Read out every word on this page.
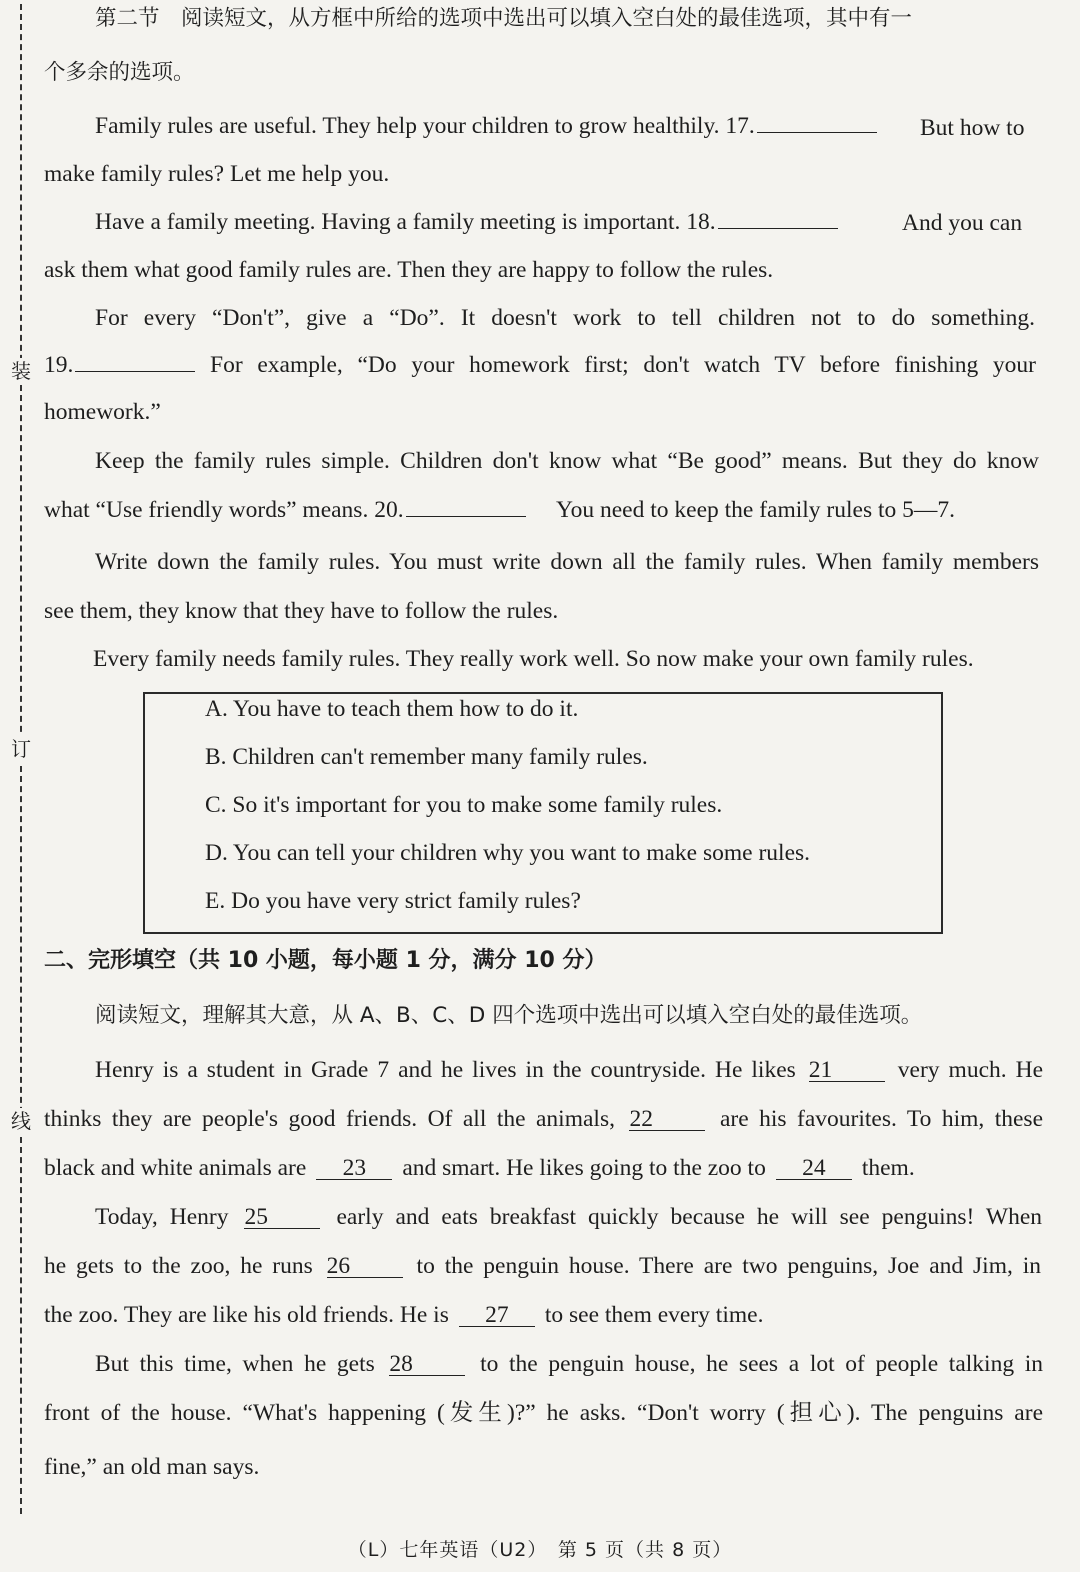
装
订
线
第二节　阅读短文，从方框中所给的选项中选出可以填入空白处的最佳选项，其中有一
个多余的选项。
Family rules are useful. They help your children to grow healthily. 17.	But how to
make family rules? Let me help you.
Have a family meeting. Having a family meeting is important. 18.	And you can
ask them what good family rules are. Then they are happy to follow the rules.
For every “Don't”, give a “Do”. It doesn't work to tell children not to do something.
19.	For example, “Do your homework first; don't watch TV before finishing your
homework.”
Keep the family rules simple. Children don't know what “Be good” means. But they do know
what “Use friendly words” means. 20.	You need to keep the family rules to 5—7.
Write down the family rules. You must write down all the family rules. When family members
see them, they know that they have to follow the rules.
Every family needs family rules. They really work well. So now make your own family rules.
A. You have to teach them how to do it.
B. Children can't remember many family rules.
C. So it's important for you to make some family rules.
D. You can tell your children why you want to make some rules.
E. Do you have very strict family rules?
二、完形填空（共 10 小题，每小题 1 分，满分 10 分）
阅读短文，理解其大意，从 A、B、C、D 四个选项中选出可以填入空白处的最佳选项。
Henry is a student in Grade 7 and he lives in the countryside. He likes 21	very much. He
thinks they are people's good friends. Of all the animals, 22	are his favourites. To him, these
black and white animals are 23 and smart. He likes going to the zoo to 24 them.
Today, Henry 25	early and eats breakfast quickly because he will see penguins! When
he gets to the zoo, he runs 26	to the penguin house. There are two penguins, Joe and Jim, in
the zoo. They are like his old friends. He is 27 to see them every time.
But this time, when he gets 28	to the penguin house, he sees a lot of people talking in
front of the house. “What's happening (发生)?” he asks. “Don't worry (担心). The penguins are
fine,” an old man says.
（L）七年英语（U2）　第 5 页（共 8 页）
